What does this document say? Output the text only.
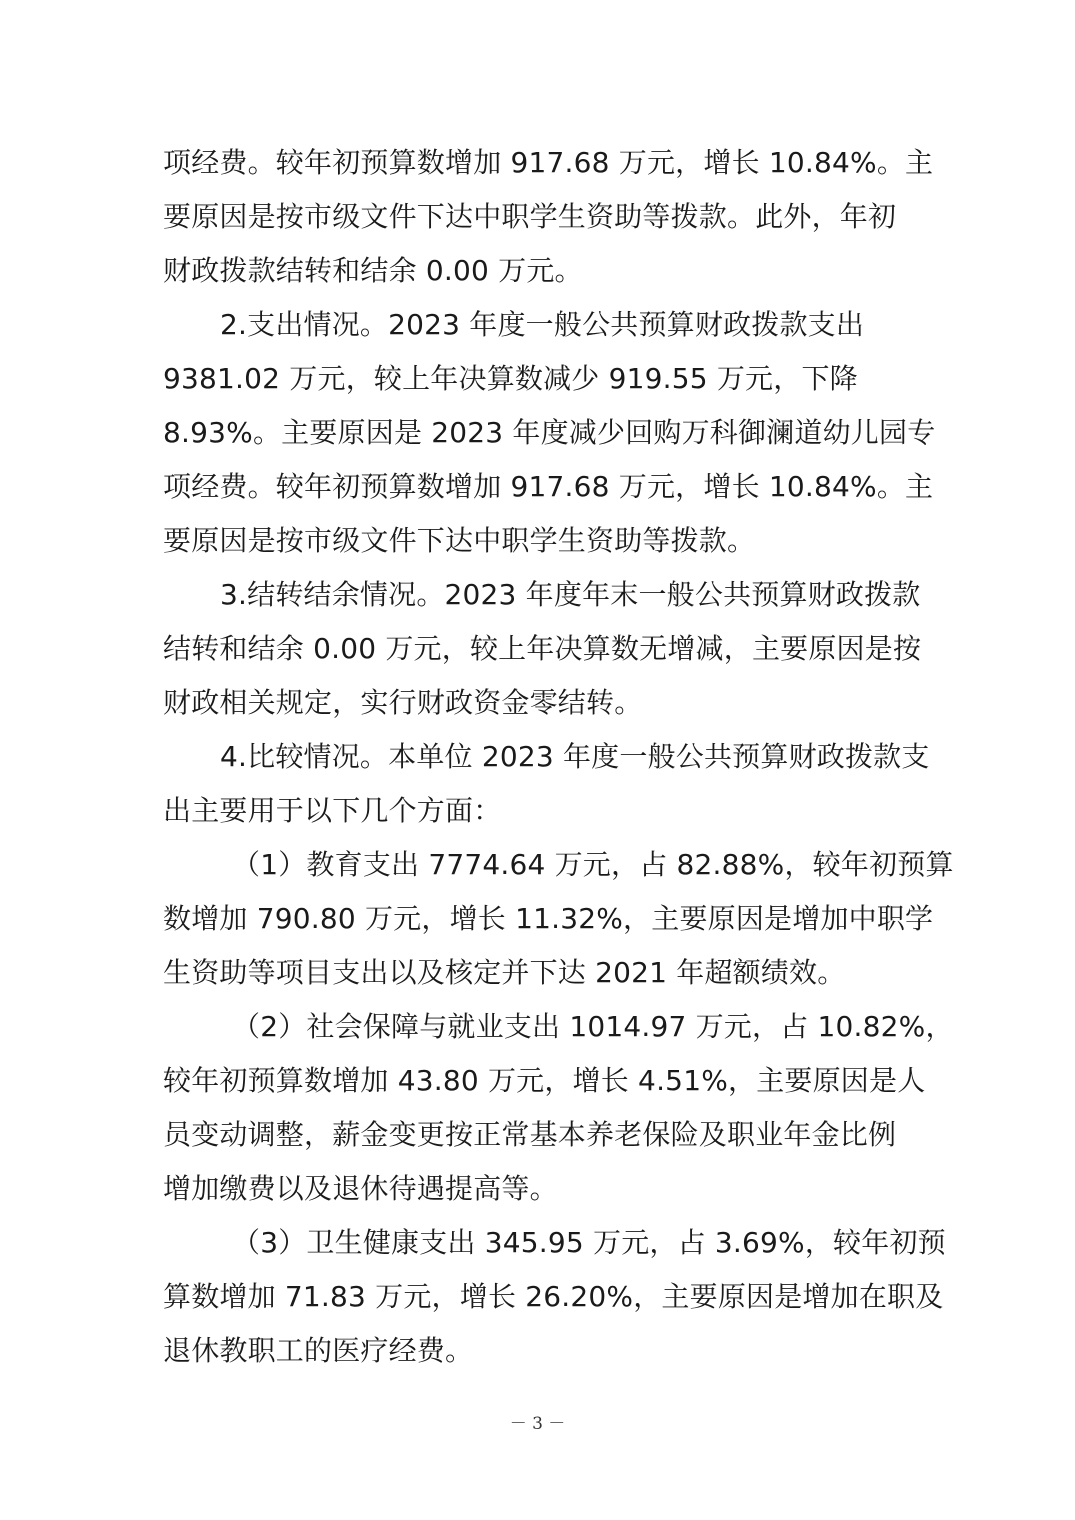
项经费。较年初预算数增加 917.68 万元，增长 10.84%。主
要原因是按市级文件下达中职学生资助等拨款。此外，年初
财政拨款结转和结余 0.00 万元。
2.支出情况。2023 年度一般公共预算财政拨款支出
9381.02 万元，较上年决算数减少 919.55 万元，下降
8.93%。主要原因是 2023 年度减少回购万科御澜道幼儿园专
项经费。较年初预算数增加 917.68 万元，增长 10.84%。主
要原因是按市级文件下达中职学生资助等拨款。
3.结转结余情况。2023 年度年末一般公共预算财政拨款
结转和结余 0.00 万元，较上年决算数无增减，主要原因是按
财政相关规定，实行财政资金零结转。
4.比较情况。本单位 2023 年度一般公共预算财政拨款支
出主要用于以下几个方面：
（1）教育支出 7774.64 万元，占 82.88%，较年初预算
数增加 790.80 万元，增长 11.32%，主要原因是增加中职学
生资助等项目支出以及核定并下达 2021 年超额绩效。
（2）社会保障与就业支出 1014.97 万元，占 10.82%，
较年初预算数增加 43.80 万元，增长 4.51%，主要原因是人
员变动调整，薪金变更按正常基本养老保险及职业年金比例
增加缴费以及退休待遇提高等。
（3）卫生健康支出 345.95 万元，占 3.69%，较年初预
算数增加 71.83 万元，增长 26.20%，主要原因是增加在职及
退休教职工的医疗经费。
－ 3 －
